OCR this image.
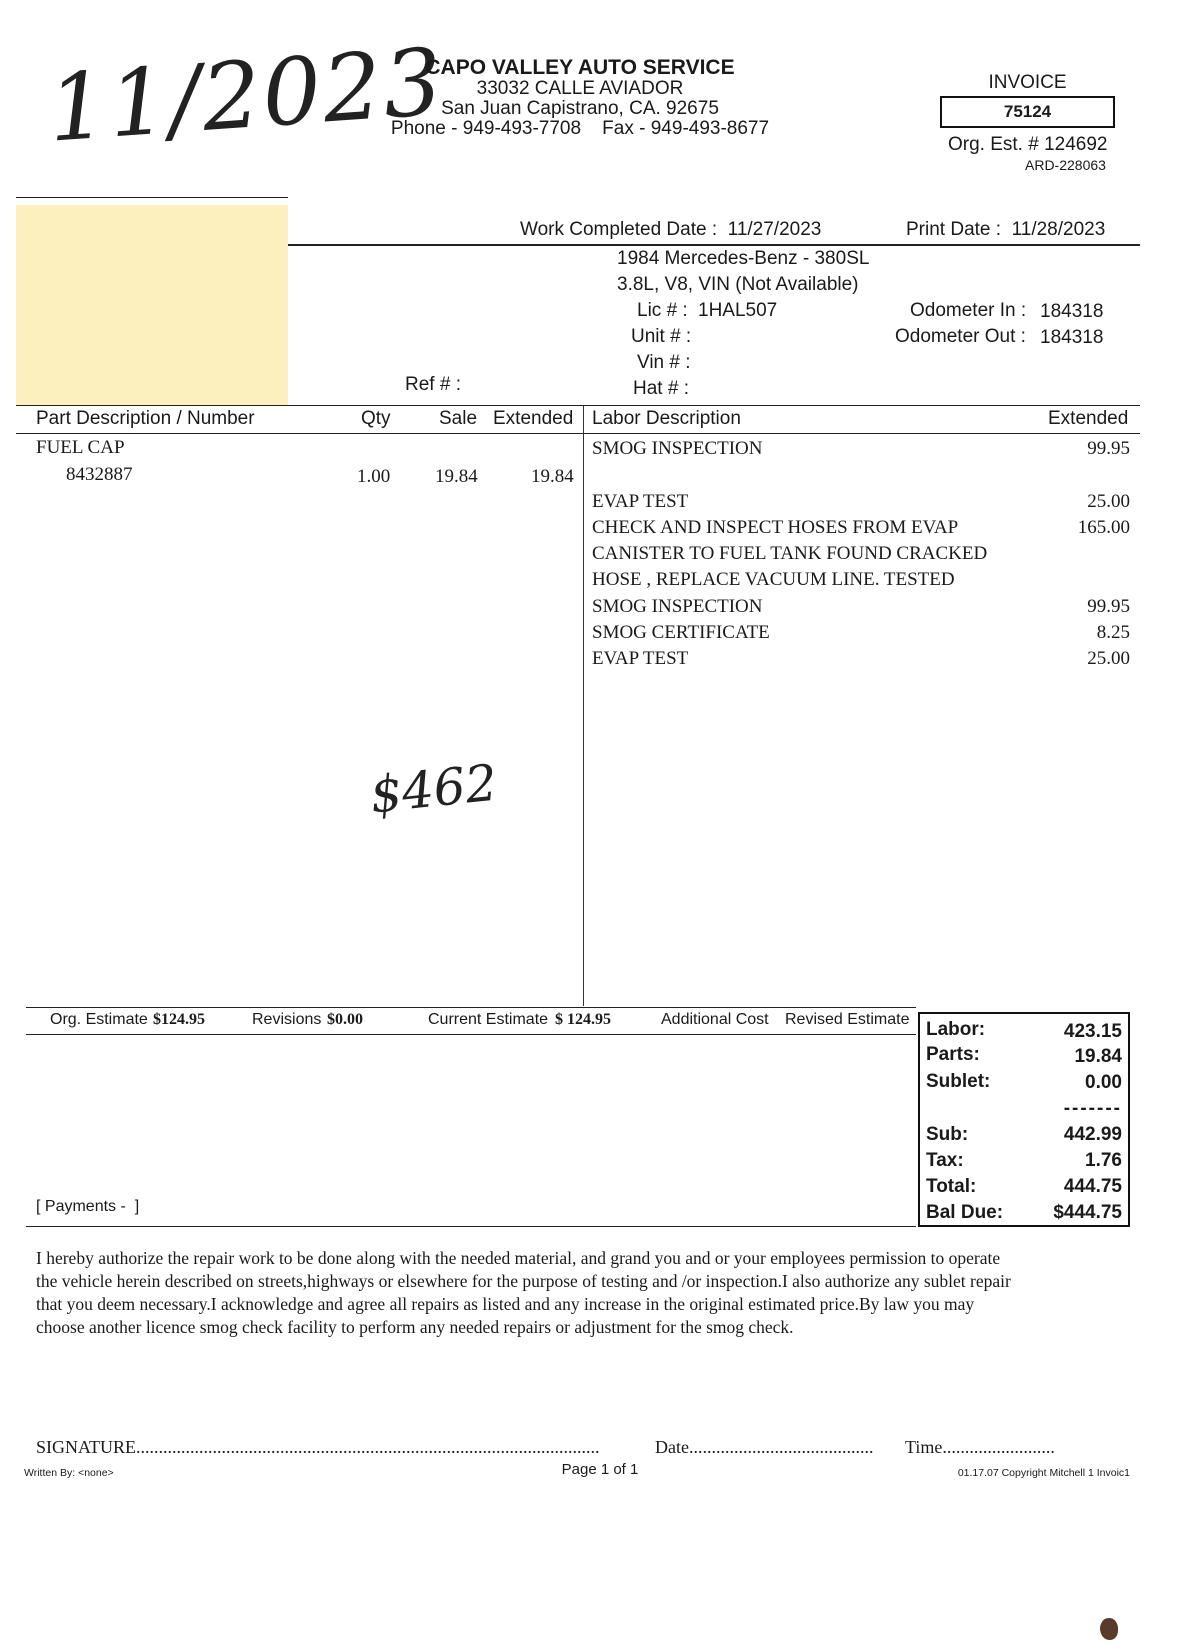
11/2023
CAPO VALLEY AUTO SERVICE
33032 CALLE AVIADOR
San Juan Capistrano, CA. 92675
Phone - 949-493-7708    Fax - 949-493-8677
INVOICE
75124
Org. Est. # 124692
ARD-228063
Work Completed Date :  11/27/2023	Print Date :  11/28/2023
1984 Mercedes-Benz - 380SL
3.8L, V8, VIN (Not Available)
Lic # : 1HAL507
Unit # :
Vin # :
Hat # :
Ref # :
Odometer In : 184318
Odometer Out : 184318
Part Description / Number	Qty	Sale Extended Labor Description	Extended
FUEL CAP
8432887	1.00 19.84	19.84
SMOG INSPECTION	99.95
EVAP TEST	25.00
CHECK AND INSPECT HOSES FROM EVAP	165.00
CANISTER TO FUEL TANK FOUND CRACKED
HOSE , REPLACE VACUUM LINE. TESTED
SMOG INSPECTION	99.95
SMOG CERTIFICATE	8.25
EVAP TEST	25.00
$462
Org. Estimate $124.95	Revisions $0.00	Current Estimate $ 124.95	Additional Cost Revised Estimate
[ Payments -  ]
Labor:	423.15
Parts:	19.84
Sublet:	0.00
-------
Sub:	442.99
Tax:	1.76
Total:	444.75
Bal Due:	$444.75
I hereby authorize the repair work to be done along with the needed material, and grand you and or your employees permission to operate
the vehicle herein described on streets,highways or elsewhere for the purpose of testing and /or inspection.I also authorize any sublet repair
that you deem necessary.I acknowledge and agree all repairs as listed and any increase in the original estimated price.By law you may
choose another licence smog check facility to perform any needed repairs or adjustment for the smog check.
SIGNATURE.......................................................................................................	Date.........................................	Time.........................
Written By: <none>	Page 1 of 1	01.17.07 Copyright Mitchell 1 Invoic1
